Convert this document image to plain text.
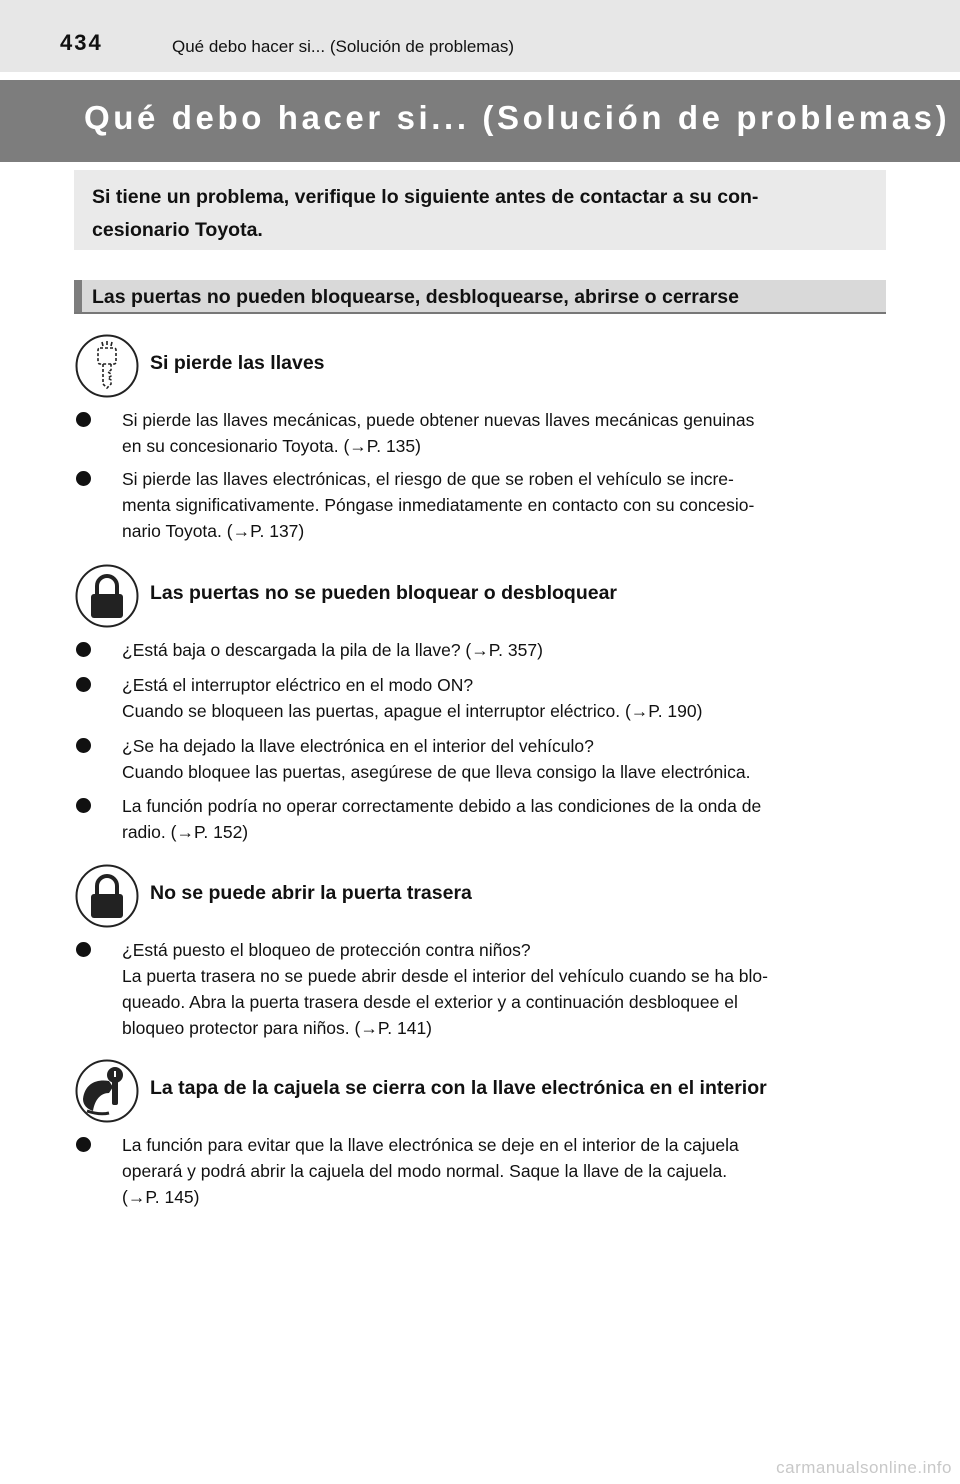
434	Qué debo hacer si... (Solución de problemas)
Qué debo hacer si... (Solución de problemas)
Si tiene un problema, verifique lo siguiente antes de contactar a su con-
cesionario Toyota.
Las puertas no pueden bloquearse, desbloquearse, abrirse o cerrarse
Si pierde las llaves
Si pierde las llaves mecánicas, puede obtener nuevas llaves mecánicas genuinas
en su concesionario Toyota. (→P. 135)
Si pierde las llaves electrónicas, el riesgo de que se roben el vehículo se incre-
menta significativamente. Póngase inmediatamente en contacto con su concesio-
nario Toyota. (→P. 137)
Las puertas no se pueden bloquear o desbloquear
¿Está baja o descargada la pila de la llave? (→P. 357)
¿Está el interruptor eléctrico en el modo ON?
Cuando se bloqueen las puertas, apague el interruptor eléctrico. (→P. 190)
¿Se ha dejado la llave electrónica en el interior del vehículo?
Cuando bloquee las puertas, asegúrese de que lleva consigo la llave electrónica.
La función podría no operar correctamente debido a las condiciones de la onda de
radio. (→P. 152)
No se puede abrir la puerta trasera
¿Está puesto el bloqueo de protección contra niños?
La puerta trasera no se puede abrir desde el interior del vehículo cuando se ha blo-
queado. Abra la puerta trasera desde el exterior y a continuación desbloquee el
bloqueo protector para niños. (→P. 141)
La tapa de la cajuela se cierra con la llave electrónica en el interior
La función para evitar que la llave electrónica se deje en el interior de la cajuela
operará y podrá abrir la cajuela del modo normal. Saque la llave de la cajuela.
(→P. 145)
carmanualsonline.info
